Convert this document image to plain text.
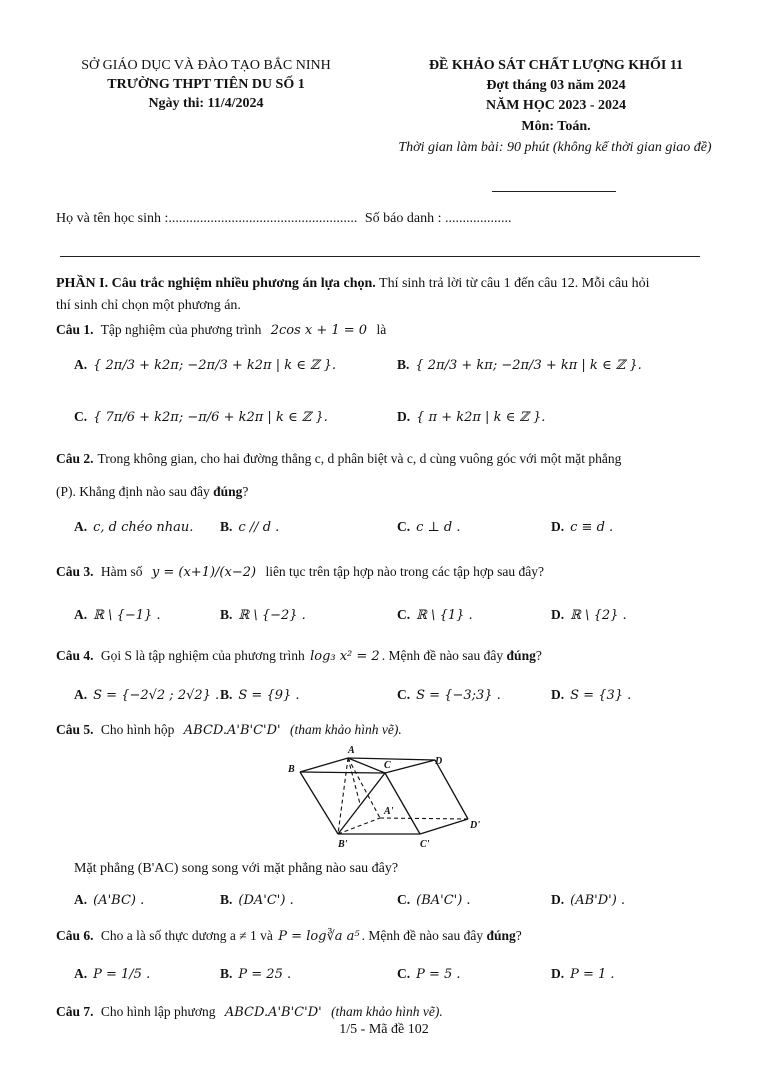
SỞ GIÁO DỤC VÀ ĐÀO TẠO BẮC NINH
TRƯỜNG THPT TIÊN DU SỐ 1
Ngày thi: 11/4/2024
ĐỀ KHẢO SÁT CHẤT LƯỢNG KHỐI 11
Đợt tháng 03 năm 2024
NĂM HỌC 2023 - 2024
Môn: Toán.
Thời gian làm bài: 90 phút (không kể thời gian giao đề)
Họ và tên học sinh :...................................................... Số báo danh : ...................
PHẦN I. Câu trắc nghiệm nhiều phương án lựa chọn. Thí sinh trả lời từ câu 1 đến câu 12. Mỗi câu hỏi
thí sinh chỉ chọn một phương án.
Câu 1. Tập nghiệm của phương trình 2cos x + 1 = 0 là
A. { 2π/3 + k2π; −2π/3 + k2π | k ∈ ℤ }.	B. { 2π/3 + kπ; −2π/3 + kπ | k ∈ ℤ }.
C. { 7π/6 + k2π; −π/6 + k2π | k ∈ ℤ }.	D. { π + k2π | k ∈ ℤ }.
Câu 2. Trong không gian, cho hai đường thẳng c, d phân biệt và c, d cùng vuông góc với một mặt phẳng
(P). Khẳng định nào sau đây đúng?
A. c, d chéo nhau. B. c // d .	C. c ⊥ d .	D. c ≡ d .
Câu 3. Hàm số y = (x+1)/(x−2) liên tục trên tập hợp nào trong các tập hợp sau đây?
A. ℝ \ {−1} .	B. ℝ \ {−2} .	C. ℝ \ {1} .	D. ℝ \ {2} .
Câu 4. Gọi S là tập nghiệm của phương trình log₃ x² = 2 . Mệnh đề nào sau đây đúng?
A. S = {−2√2 ; 2√2} . B. S = {9} .	C. S = {−3;3} .	D. S = {3} .
Câu 5. Cho hình hộp ABCD.A'B'C'D' (tham khảo hình vẽ).
A
B	C	D
A'
B'	C'
D'
Mặt phẳng (B'AC) song song với mặt phẳng nào sau đây?
A. (A'BC) .	B. (DA'C') .	C. (BA'C') .	D. (AB'D') .
Câu 6. Cho a là số thực dương a ≠ 1 và P = log∛a a⁵ . Mệnh đề nào sau đây đúng?
A. P = 1/5 .	B. P = 25 .	C. P = 5 .	D. P = 1 .
Câu 7. Cho hình lập phương ABCD.A'B'C'D' (tham khảo hình vẽ).
1/5 - Mã đề 102
